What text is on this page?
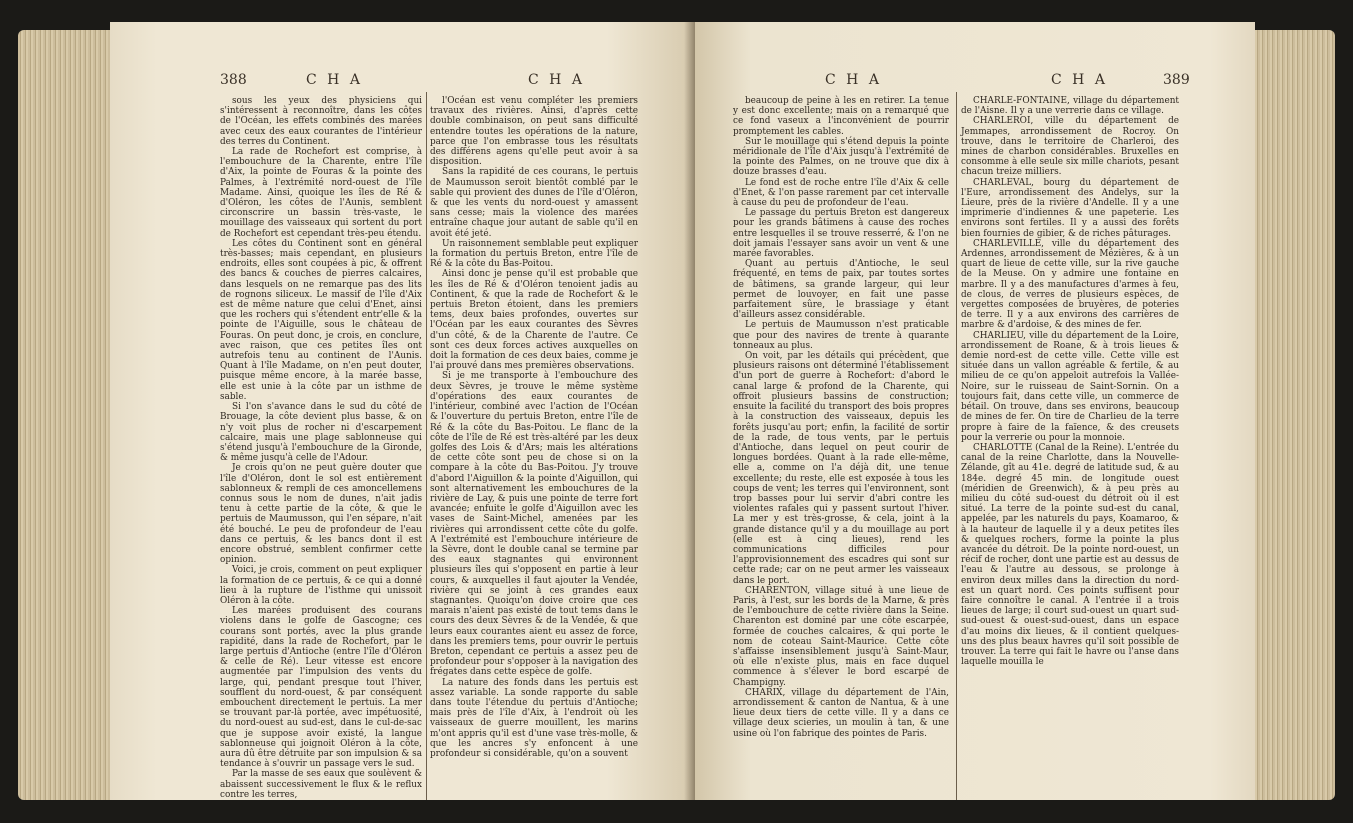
388	C H A	C H A

sous les yeux des physiciens qui s'intéressent à reconnoître, dans les côtes de l'Océan, les effets combinés des marées avec ceux des eaux courantes de l'intérieur des terres du Continent.

La rade de Rochefort est comprise, à l'embouchure de la Charente, entre l'île d'Aix, la pointe de Fouras & la pointe des Palmes, à l'extrémité nord-ouest de l'île Madame. Ainsi, quoique les îles de Ré & d'Oléron, les côtes de l'Aunis, semblent circonscrire un bassin très-vaste, le mouillage des vaisseaux qui sortent du port de Rochefort est cependant très-peu étendu.

Les côtes du Continent sont en général très-basses; mais cependant, en plusieurs endroits, elles sont coupées à pic, & offrent des bancs & couches de pierres calcaires, dans lesquels on ne remarque pas des lits de rognons siliceux. Le massif de l'île d'Aix est de même nature que celui d'Enet, ainsi que les rochers qui s'étendent entr'elle & la pointe de l'Aiguille, sous le château de Fouras. On peut donc, je crois, en conclure, avec raison, que ces petites îles ont autrefois tenu au continent de l'Aunis. Quant à l'île Madame, on n'en peut douter, puisque même encore, à la marée basse, elle est unie à la côte par un isthme de sable.

Si l'on s'avance dans le sud du côté de Brouage, la côte devient plus basse, & on n'y voit plus de rocher ni d'escarpement calcaire, mais une plage sablonneuse qui s'étend jusqu'à l'embouchure de la Gironde, & même jusqu'à celle de l'Adour.

Je crois qu'on ne peut guère douter que l'île d'Oléron, dont le sol est entièrement sablonneux & rempli de ces amoncellemens connus sous le nom de dunes, n'ait jadis tenu à cette partie de la côte, & que le pertuis de Maumusson, qui l'en sépare, n'ait été bouché. Le peu de profondeur de l'eau dans ce pertuis, & les bancs dont il est encore obstrué, semblent confirmer cette opinion.

Voici, je crois, comment on peut expliquer la formation de ce pertuis, & ce qui a donné lieu à la rupture de l'isthme qui unissoit Oléron à la côte.

Les marées produisent des courans violens dans le golfe de Gascogne; ces courans sont portés, avec la plus grande rapidité, dans la rade de Rochefort, par le large pertuis d'Antioche (entre l'île d'Oléron & celle de Ré). Leur vitesse est encore augmentée par l'impulsion des vents du large, qui, pendant presque tout l'hiver, soufflent du nord-ouest, & par conséquent embouchent directement le pertuis. La mer se trouvant par-là portée, avec impétuosité, du nord-ouest au sud-est, dans le cul-de-sac que je suppose avoir existé, la langue sablonneuse qui joignoit Oléron à la côte, aura dû être détruite par son impulsion & sa tendance à s'ouvrir un passage vers le sud.

Par la masse de ses eaux que soulèvent & abaissent successivement le flux & le reflux contre les terres,

l'Océan est venu compléter les premiers travaux des rivières. Ainsi, d'après cette double combinaison, on peut sans difficulté entendre toutes les opérations de la nature, parce que l'on embrasse tous les résultats des différens agens qu'elle peut avoir à sa disposition.

Sans la rapidité de ces courans, le pertuis de Maumusson seroit bientôt comblé par le sable qui provient des dunes de l'île d'Oléron, & que les vents du nord-ouest y amassent sans cesse; mais la violence des marées entraîne chaque jour autant de sable qu'il en avoit été jeté.

Un raisonnement semblable peut expliquer la formation du pertuis Breton, entre l'île de Ré & la côte du Bas-Poitou.

Ainsi donc je pense qu'il est probable que les îles de Ré & d'Oléron tenoient jadis au Continent, & que la rade de Rochefort & le pertuis Breton étoient, dans les premiers tems, deux baies profondes, ouvertes sur l'Océan par les eaux courantes des Sèvres d'un côté, & de la Charente de l'autre. Ce sont ces deux forces actives auxquelles on doit la formation de ces deux baies, comme je l'ai prouvé dans mes premières observations.

Si je me transporte à l'embouchure des deux Sèvres, je trouve le même système d'opérations des eaux courantes de l'intérieur, combiné avec l'action de l'Océan & l'ouverture du pertuis Breton, entre l'île de Ré & la côte du Bas-Poitou. Le flanc de la côte de l'île de Ré est très-altéré par les deux golfes des Lois & d'Ars; mais les altérations de cette côte sont peu de chose si on la compare à la côte du Bas-Poitou. J'y trouve d'abord l'Aiguillon & la pointe d'Aiguillon, qui sont alternativement les embouchures de la rivière de Lay, & puis une pointe de terre fort avancée; enfuite le golfe d'Aiguillon avec les vases de Saint-Michel, amenées par les rivières qui arrondissent cette côte du golfe. A l'extrémité est l'embouchure intérieure de la Sèvre, dont le double canal se termine par des eaux stagnantes qui environnent plusieurs îles qui s'opposent en partie à leur cours, & auxquelles il faut ajouter la Vendée, rivière qui se joint à ces grandes eaux stagnantes. Quoiqu'on doive croire que ces marais n'aient pas existé de tout tems dans le cours des deux Sèvres & de la Vendée, & que leurs eaux courantes aient eu assez de force, dans les premiers tems, pour ouvrir le pertuis Breton, cependant ce pertuis a assez peu de profondeur pour s'opposer à la navigation des frégates dans cette espèce de golfe.

La nature des fonds dans les pertuis est assez variable. La sonde rapporte du sable dans toute l'étendue du pertuis d'Antioche; mais près de l'île d'Aix, à l'endroit où les vaisseaux de guerre mouillent, les marins m'ont appris qu'il est d'une vase très-molle, & que les ancres s'y enfoncent à une profondeur si considérable, qu'on a souvent

C H A	C H A	389

beaucoup de peine à les en retirer. La tenue y est donc excellente; mais on a remarqué que ce fond vaseux a l'inconvénient de pourrir promptement les cables.

Sur le mouillage qui s'étend depuis la pointe méridionale de l'île d'Aix jusqu'à l'extrémité de la pointe des Palmes, on ne trouve que dix à douze brasses d'eau.

Le fond est de roche entre l'île d'Aix & celle d'Enet, & l'on passe rarement par cet intervalle à cause du peu de profondeur de l'eau.

Le passage du pertuis Breton est dangereux pour les grands bâtimens à cause des roches entre lesquelles il se trouve resserré, & l'on ne doit jamais l'essayer sans avoir un vent & une marée favorables.

Quant au pertuis d'Antioche, le seul fréquenté, en tems de paix, par toutes sortes de bâtimens, sa grande largeur, qui leur permet de louvoyer, en fait une passe parfaitement sûre, le brassiage y étant d'ailleurs assez considérable.

Le pertuis de Maumusson n'est praticable que pour des navires de trente à quarante tonneaux au plus.

On voit, par les détails qui précèdent, que plusieurs raisons ont déterminé l'établissement d'un port de guerre à Rochefort: d'abord le canal large & profond de la Charente, qui offroit plusieurs bassins de construction; ensuite la facilité du transport des bois propres à la construction des vaisseaux, depuis les forêts jusqu'au port; enfin, la facilité de sortir de la rade, de tous vents, par le pertuis d'Antioche, dans lequel on peut courir de longues bordées. Quant à la rade elle-même, elle a, comme on l'a déjà dit, une tenue excellente; du reste, elle est exposée à tous les coups de vent; les terres qui l'environnent, sont trop basses pour lui servir d'abri contre les violentes rafales qui y passent surtout l'hiver. La mer y est très-grosse, & cela, joint à la grande distance qu'il y a du mouillage au port (elle est à cinq lieues), rend les communications difficiles pour l'approvisionnement des escadres qui sont sur cette rade; car on ne peut armer les vaisseaux dans le port.

CHARENTON, village situé à une lieue de Paris, à l'est, sur les bords de la Marne, & près de l'embouchure de cette rivière dans la Seine. Charenton est dominé par une côte escarpée, formée de couches calcaires, & qui porte le nom de coteau Saint-Maurice. Cette côte s'affaisse insensiblement jusqu'à Saint-Maur, où elle n'existe plus, mais en face duquel commence à s'élever le bord escarpé de Champigny.

CHARIX, village du département de l'Ain, arrondissement & canton de Nantua, & à une lieue deux tiers de cette ville. Il y a dans ce village deux scieries, un moulin à tan, & une usine où l'on fabrique des pointes de Paris.

CHARLE-FONTAINE, village du département de l'Aisne. Il y a une verrerie dans ce village.

CHARLEROI, ville du département de Jemmapes, arrondissement de Rocroy. On trouve, dans le territoire de Charleroi, des mines de charbon considérables. Bruxelles en consomme à elle seule six mille chariots, pesant chacun treize milliers.

CHARLEVAL, bourg du département de l'Eure, arrondissement des Andelys, sur la Lieure, près de la rivière d'Andelle. Il y a une imprimerie d'indiennes & une papeterie. Les environs sont fertiles. Il y a aussi des forêts bien fournies de gibier, & de riches pâturages.

CHARLEVILLE, ville du département des Ardennes, arrondissement de Mézières, & à un quart de lieue de cette ville, sur la rive gauche de la Meuse. On y admire une fontaine en marbre. Il y a des manufactures d'armes à feu, de clous, de verres de plusieurs espèces, de vergettes composées de bruyères, de poteries de terre. Il y a aux environs des carrières de marbre & d'ardoise, & des mines de fer.

CHARLIEU, ville du département de la Loire, arrondissement de Roane, & à trois lieues & demie nord-est de cette ville. Cette ville est située dans un vallon agréable & fertile, & au milieu de ce qu'on appeloit autrefois la Vallée-Noire, sur le ruisseau de Saint-Sornin. On a toujours fait, dans cette ville, un commerce de bétail. On trouve, dans ses environs, beaucoup de mines de fer. On tire de Charlieu de la terre propre à faire de la faïence, & des creusets pour la verrerie ou pour la monnoie.

CHARLOTTE (Canal de la Reine). L'entrée du canal de la reine Charlotte, dans la Nouvelle-Zélande, gît au 41e. degré de latitude sud, & au 184e. degré 45 min. de longitude ouest (méridien de Greenwich), & à peu près au milieu du côté sud-ouest du détroit où il est situé. La terre de la pointe sud-est du canal, appelée, par les naturels du pays, Koamaroo, & à la hauteur de laquelle il y a deux petites îles & quelques rochers, forme la pointe la plus avancée du détroit. De la pointe nord-ouest, un récif de rocher, dont une partie est au dessus de l'eau & l'autre au dessous, se prolonge à environ deux milles dans la direction du nord-est un quart nord. Ces points suffisent pour faire connoître le canal. A l'entrée il a trois lieues de large; il court sud-ouest un quart sud-sud-ouest & ouest-sud-ouest, dans un espace d'au moins dix lieues, & il contient quelques-uns des plus beaux havres qu'il soit possible de trouver. La terre qui fait le havre ou l'anse dans laquelle mouilla le
